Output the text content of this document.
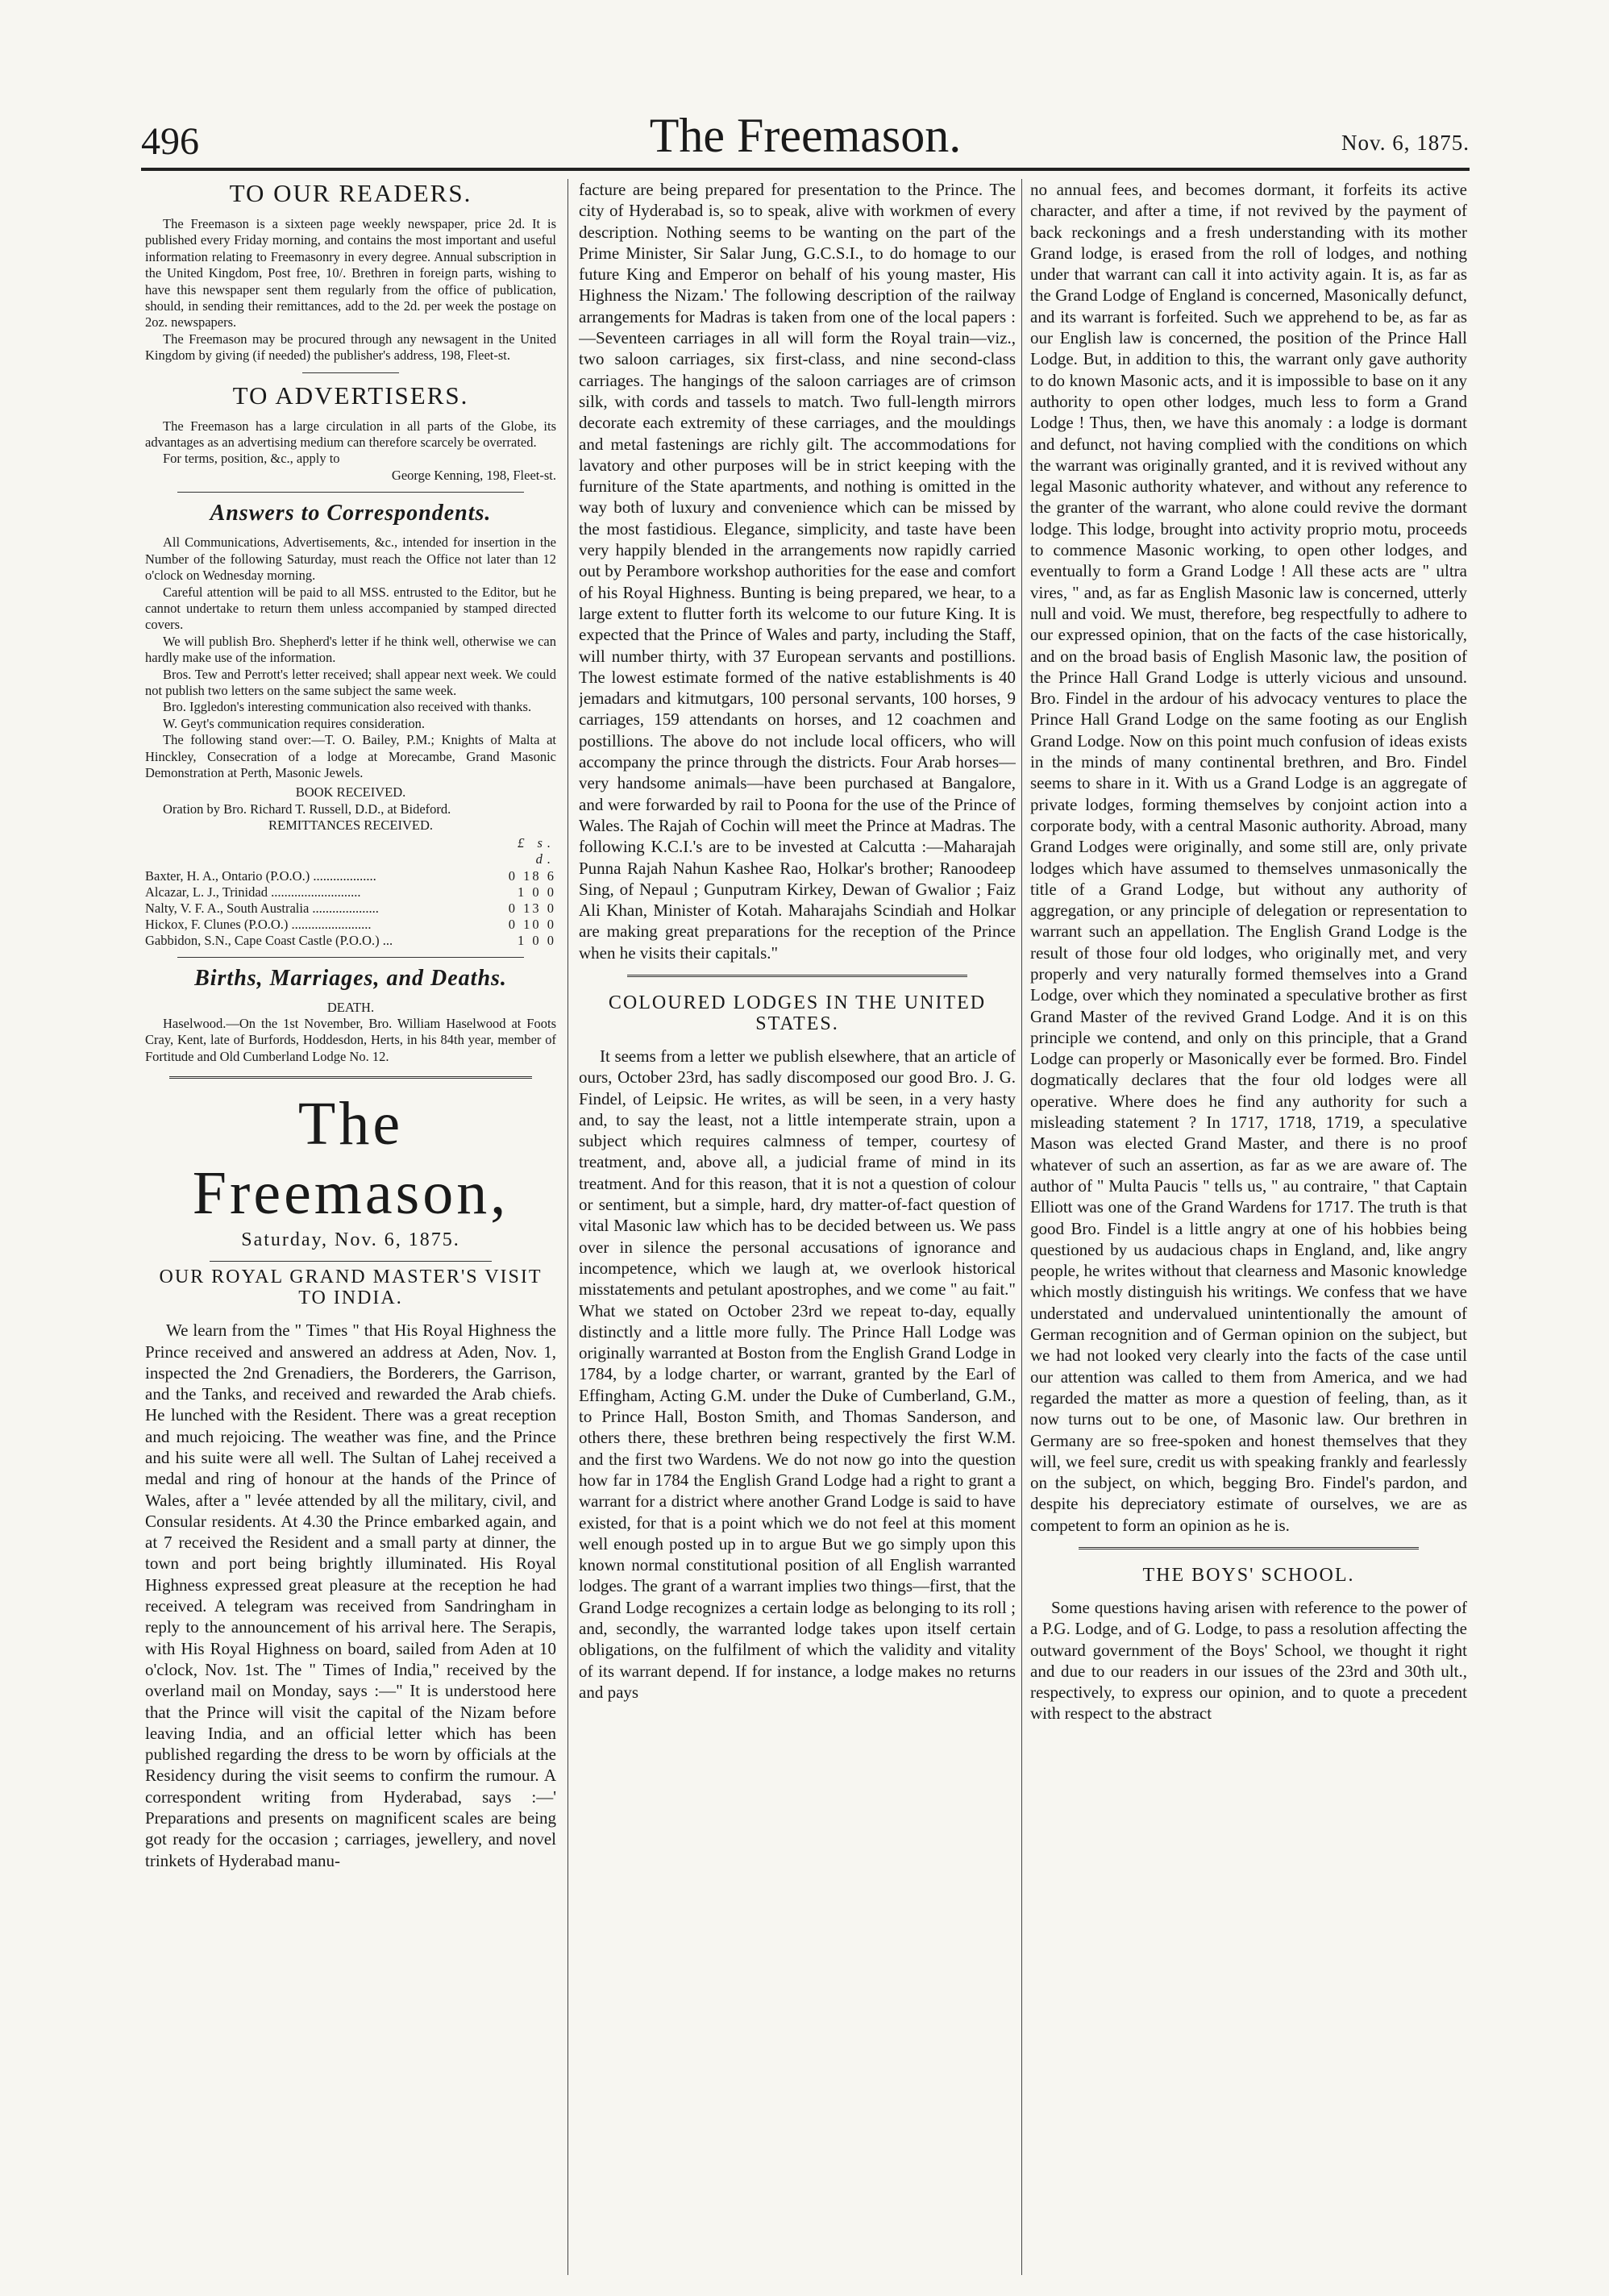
496	The Freemason.	Nov. 6, 1875.
TO OUR READERS.

The Freemason is a sixteen page weekly newspaper, price 2d. It is published every Friday morning, and contains the most important and useful information relating to Freemasonry in every degree. Annual subscription in the United Kingdom, Post free, 10/. Brethren in foreign parts, wishing to have this newspaper sent them regularly from the office of publication, should, in sending their remittances, add to the 2d. per week the postage on 2oz. newspapers.

The Freemason may be procured through any newsagent in the United Kingdom by giving (if needed) the publisher's address, 198, Fleet-st.

TO ADVERTISERS.

The Freemason has a large circulation in all parts of the Globe, its advantages as an advertising medium can therefore scarcely be overrated.

For terms, position, &c., apply to

George Kenning, 198, Fleet-st.

Answers to Correspondents.

All Communications, Advertisements, &c., intended for insertion in the Number of the following Saturday, must reach the Office not later than 12 o'clock on Wednesday morning.

Careful attention will be paid to all MSS. entrusted to the Editor, but he cannot undertake to return them unless accompanied by stamped directed covers.

We will publish Bro. Shepherd's letter if he think well, otherwise we can hardly make use of the information.

Bros. Tew and Perrott's letter received; shall appear next week. We could not publish two letters on the same subject the same week.

Bro. Iggledon's interesting communication also received with thanks.

W. Geyt's communication requires consideration.

The following stand over:—T. O. Bailey, P.M.; Knights of Malta at Hinckley, Consecration of a lodge at Morecambe, Grand Masonic Demonstration at Perth, Masonic Jewels.

BOOK RECEIVED.

Oration by Bro. Richard T. Russell, D.D., at Bideford.

REMITTANCES RECEIVED.

	£ s. d.
Baxter, H. A., Ontario (P.O.O.) ...................	0 18 6
Alcazar, L. J., Trinidad ...........................	1 0 0
Nalty, V. F. A., South Australia ....................	0 13 0
Hickox, F. Clunes (P.O.O.) ........................	0 10 0
Gabbidon, S.N., Cape Coast Castle (P.O.O.) ...	1 0 0
Births, Marriages, and Deaths.

DEATH.

Haselwood.—On the 1st November, Bro. William Haselwood at Foots Cray, Kent, late of Burfords, Hoddesdon, Herts, in his 84th year, member of Fortitude and Old Cumberland Lodge No. 12.

The Freemason,
Saturday, Nov. 6, 1875.
OUR ROYAL GRAND MASTER'S VISIT TO INDIA.

We learn from the " Times " that His Royal Highness the Prince received and answered an address at Aden, Nov. 1, inspected the 2nd Grenadiers, the Borderers, the Garrison, and the Tanks, and received and rewarded the Arab chiefs. He lunched with the Resident. There was a great reception and much rejoicing. The weather was fine, and the Prince and his suite were all well. The Sultan of Lahej received a medal and ring of honour at the hands of the Prince of Wales, after a " levée attended by all the military, civil, and Consular residents. At 4.30 the Prince embarked again, and at 7 received the Resident and a small party at dinner, the town and port being brightly illuminated. His Royal Highness expressed great pleasure at the reception he had received. A telegram was received from Sandringham in reply to the announcement of his arrival here. The Serapis, with His Royal Highness on board, sailed from Aden at 10 o'clock, Nov. 1st. The " Times of India," received by the overland mail on Monday, says :—" It is understood here that the Prince will visit the capital of the Nizam before leaving India, and an official letter which has been published regarding the dress to be worn by officials at the Residency during the visit seems to confirm the rumour. A correspondent writing from Hyderabad, says :—' Preparations and presents on magnificent scales are being got ready for the occasion ; carriages, jewellery, and novel trinkets of Hyderabad manu-

facture are being prepared for presentation to the Prince. The city of Hyderabad is, so to speak, alive with workmen of every description. Nothing seems to be wanting on the part of the Prime Minister, Sir Salar Jung, G.C.S.I., to do homage to our future King and Emperor on behalf of his young master, His Highness the Nizam.' The following description of the railway arrangements for Madras is taken from one of the local papers :—Seventeen carriages in all will form the Royal train—viz., two saloon carriages, six first-class, and nine second-class carriages. The hangings of the saloon carriages are of crimson silk, with cords and tassels to match. Two full-length mirrors decorate each extremity of these carriages, and the mouldings and metal fastenings are richly gilt. The accommodations for lavatory and other purposes will be in strict keeping with the furniture of the State apartments, and nothing is omitted in the way both of luxury and convenience which can be missed by the most fastidious. Elegance, simplicity, and taste have been very happily blended in the arrangements now rapidly carried out by Perambore workshop authorities for the ease and comfort of his Royal Highness. Bunting is being prepared, we hear, to a large extent to flutter forth its welcome to our future King. It is expected that the Prince of Wales and party, including the Staff, will number thirty, with 37 European servants and postillions. The lowest estimate formed of the native establishments is 40 jemadars and kitmutgars, 100 personal servants, 100 horses, 9 carriages, 159 attendants on horses, and 12 coachmen and postillions. The above do not include local officers, who will accompany the prince through the districts. Four Arab horses—very handsome animals—have been purchased at Bangalore, and were forwarded by rail to Poona for the use of the Prince of Wales. The Rajah of Cochin will meet the Prince at Madras. The following K.C.I.'s are to be invested at Calcutta :—Maharajah Punna Rajah Nahun Kashee Rao, Holkar's brother; Ranoodeep Sing, of Nepaul ; Gunputram Kirkey, Dewan of Gwalior ; Faiz Ali Khan, Minister of Kotah. Maharajahs Scindiah and Holkar are making great preparations for the reception of the Prince when he visits their capitals."

COLOURED LODGES IN THE UNITED STATES.

It seems from a letter we publish elsewhere, that an article of ours, October 23rd, has sadly discomposed our good Bro. J. G. Findel, of Leipsic. He writes, as will be seen, in a very hasty and, to say the least, not a little intemperate strain, upon a subject which requires calmness of temper, courtesy of treatment, and, above all, a judicial frame of mind in its treatment. And for this reason, that it is not a question of colour or sentiment, but a simple, hard, dry matter-of-fact question of vital Masonic law which has to be decided between us. We pass over in silence the personal accusations of ignorance and incompetence, which we laugh at, we overlook historical misstatements and petulant apostrophes, and we come " au fait." What we stated on October 23rd we repeat to-day, equally distinctly and a little more fully. The Prince Hall Lodge was originally warranted at Boston from the English Grand Lodge in 1784, by a lodge charter, or warrant, granted by the Earl of Effingham, Acting G.M. under the Duke of Cumberland, G.M., to Prince Hall, Boston Smith, and Thomas Sanderson, and others there, these brethren being respectively the first W.M. and the first two Wardens. We do not now go into the question how far in 1784 the English Grand Lodge had a right to grant a warrant for a district where another Grand Lodge is said to have existed, for that is a point which we do not feel at this moment well enough posted up in to argue But we go simply upon this known normal constitutional position of all English warranted lodges. The grant of a warrant implies two things—first, that the Grand Lodge recognizes a certain lodge as belonging to its roll ; and, secondly, the warranted lodge takes upon itself certain obligations, on the fulfilment of which the validity and vitality of its warrant depend. If for instance, a lodge makes no returns and pays

no annual fees, and becomes dormant, it forfeits its active character, and after a time, if not revived by the payment of back reckonings and a fresh understanding with its mother Grand lodge, is erased from the roll of lodges, and nothing under that warrant can call it into activity again. It is, as far as the Grand Lodge of England is concerned, Masonically defunct, and its warrant is forfeited. Such we apprehend to be, as far as our English law is concerned, the position of the Prince Hall Lodge. But, in addition to this, the warrant only gave authority to do known Masonic acts, and it is impossible to base on it any authority to open other lodges, much less to form a Grand Lodge ! Thus, then, we have this anomaly : a lodge is dormant and defunct, not having complied with the conditions on which the warrant was originally granted, and it is revived without any legal Masonic authority whatever, and without any reference to the granter of the warrant, who alone could revive the dormant lodge. This lodge, brought into activity proprio motu, proceeds to commence Masonic working, to open other lodges, and eventually to form a Grand Lodge ! All these acts are " ultra vires, " and, as far as English Masonic law is concerned, utterly null and void. We must, therefore, beg respectfully to adhere to our expressed opinion, that on the facts of the case historically, and on the broad basis of English Masonic law, the position of the Prince Hall Grand Lodge is utterly vicious and unsound. Bro. Findel in the ardour of his advocacy ventures to place the Prince Hall Grand Lodge on the same footing as our English Grand Lodge. Now on this point much confusion of ideas exists in the minds of many continental brethren, and Bro. Findel seems to share in it. With us a Grand Lodge is an aggregate of private lodges, forming themselves by conjoint action into a corporate body, with a central Masonic authority. Abroad, many Grand Lodges were originally, and some still are, only private lodges which have assumed to themselves unmasonically the title of a Grand Lodge, but without any authority of aggregation, or any principle of delegation or representation to warrant such an appellation. The English Grand Lodge is the result of those four old lodges, who originally met, and very properly and very naturally formed themselves into a Grand Lodge, over which they nominated a speculative brother as first Grand Master of the revived Grand Lodge. And it is on this principle we contend, and only on this principle, that a Grand Lodge can properly or Masonically ever be formed. Bro. Findel dogmatically declares that the four old lodges were all operative. Where does he find any authority for such a misleading statement ? In 1717, 1718, 1719, a speculative Mason was elected Grand Master, and there is no proof whatever of such an assertion, as far as we are aware of. The author of " Multa Paucis " tells us, " au contraire, " that Captain Elliott was one of the Grand Wardens for 1717. The truth is that good Bro. Findel is a little angry at one of his hobbies being questioned by us audacious chaps in England, and, like angry people, he writes without that clearness and Masonic knowledge which mostly distinguish his writings. We confess that we have understated and undervalued unintentionally the amount of German recognition and of German opinion on the subject, but we had not looked very clearly into the facts of the case until our attention was called to them from America, and we had regarded the matter as more a question of feeling, than, as it now turns out to be one, of Masonic law. Our brethren in Germany are so free-spoken and honest themselves that they will, we feel sure, credit us with speaking frankly and fearlessly on the subject, on which, begging Bro. Findel's pardon, and despite his depreciatory estimate of ourselves, we are as competent to form an opinion as he is.

THE BOYS' SCHOOL.

Some questions having arisen with reference to the power of a P.G. Lodge, and of G. Lodge, to pass a resolution affecting the outward government of the Boys' School, we thought it right and due to our readers in our issues of the 23rd and 30th ult., respectively, to express our opinion, and to quote a precedent with respect to the abstract
